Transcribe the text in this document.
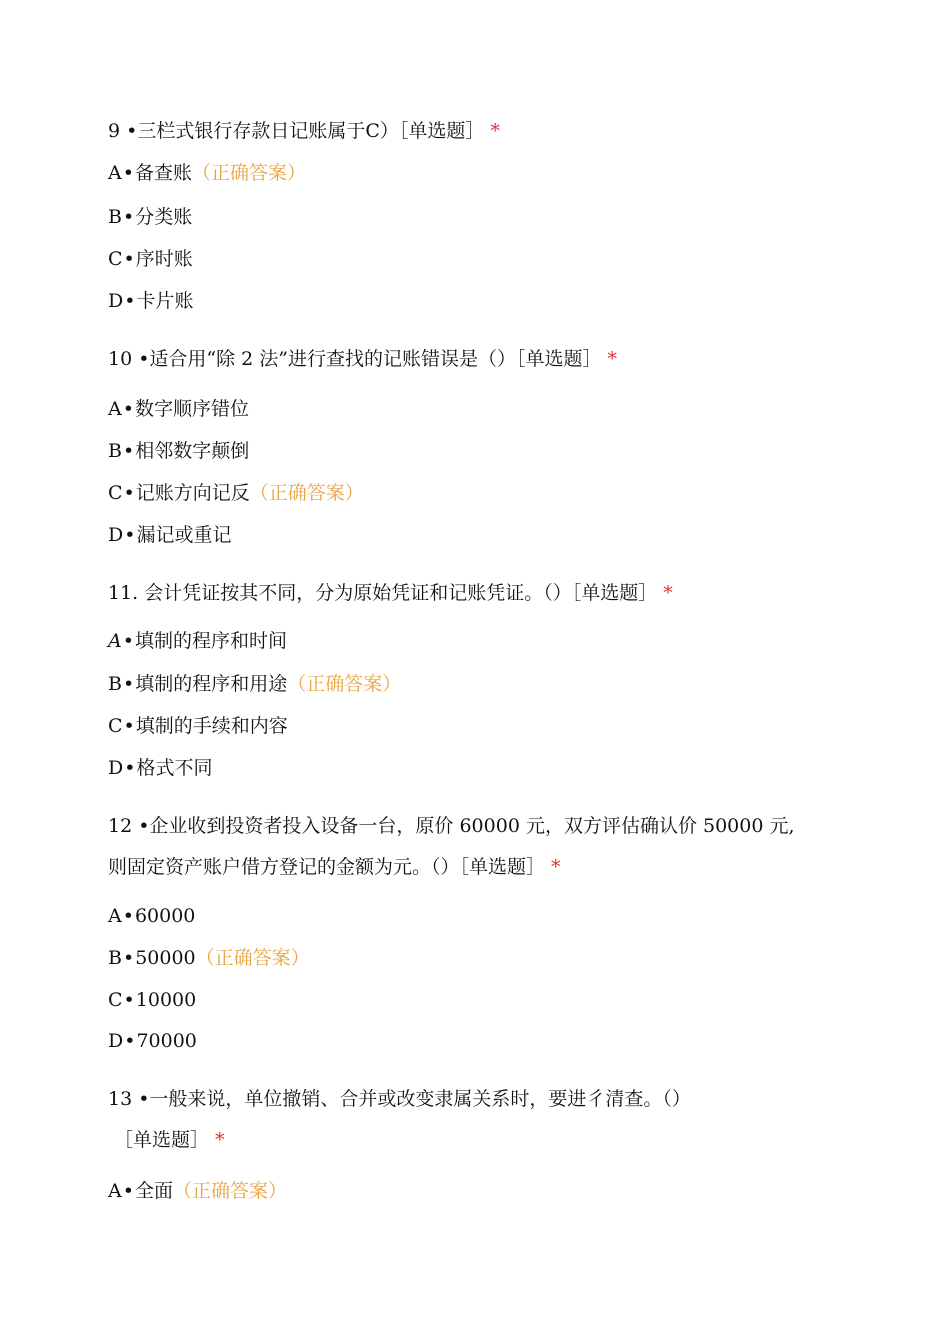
9 •三栏式银行存款日记账属于C）［单选题］ *
A•备查账（正确答案）
B•分类账
C•序时账
D•卡片账
10 •适合用“除 2 法”进行查找的记账错误是（）［单选题］ *
A•数字顺序错位
B•相邻数字颠倒
C•记账方向记反（正确答案）
D•漏记或重记
11. 会计凭证按其不同，分为原始凭证和记账凭证。（）［单选题］ *
A•填制的程序和时间
B•填制的程序和用途（正确答案）
C•填制的手续和内容
D•格式不同
12 •企业收到投资者投入设备一台，原价 60000 元，双方评估确认价 50000 元,
则固定资产账户借方登记的金额为元。（）［单选题］ *
A•60000
B•50000（正确答案）
C•10000
D•70000
13 •一般来说，单位撤销、合并或改变隶属关系时，要进彳清查。（）
［单选题］ *
A•全面（正确答案）
